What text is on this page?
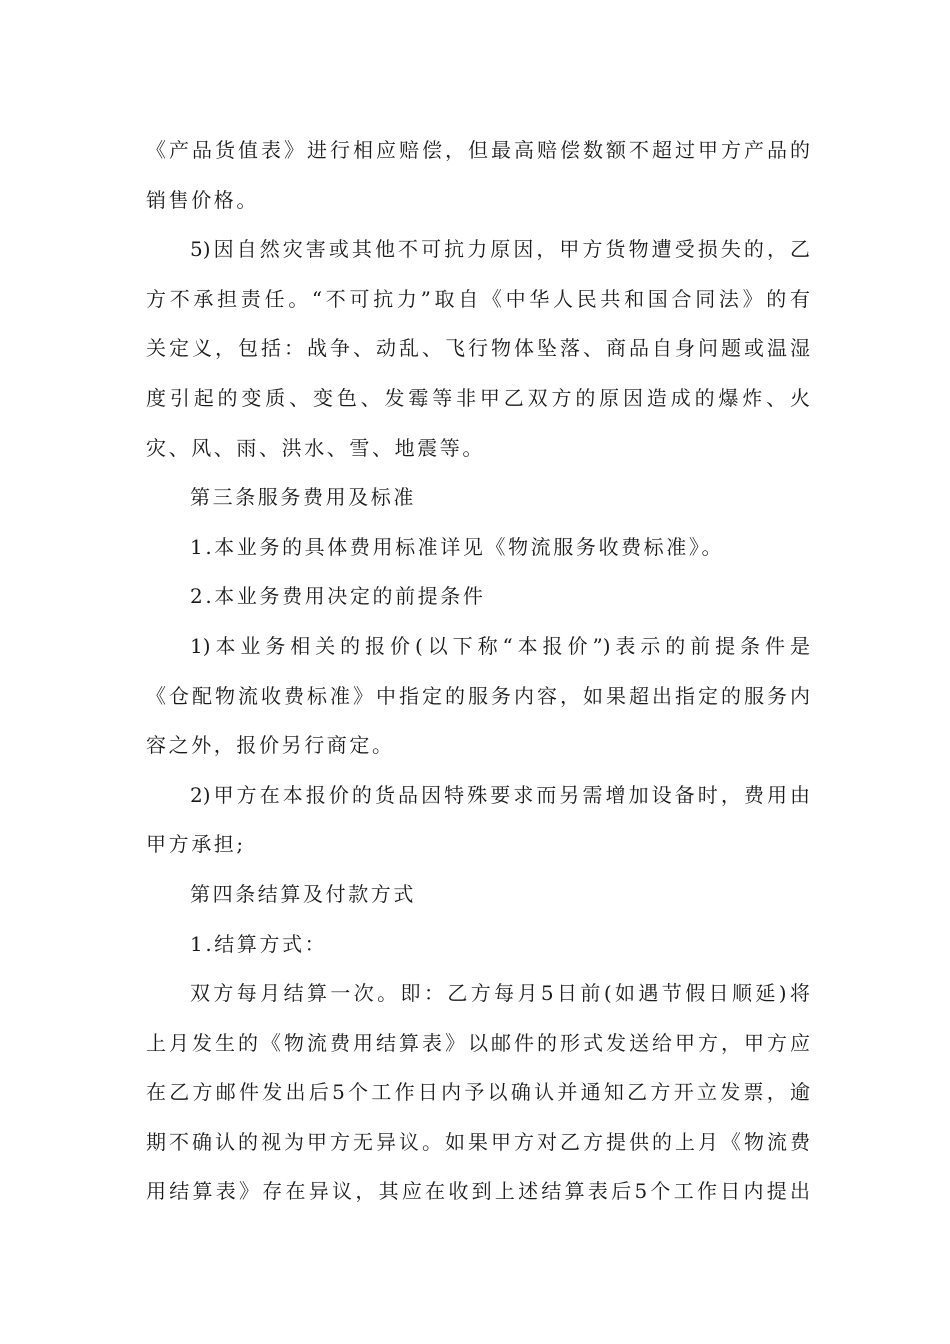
《产品货值表》进行相应赔偿，但最高赔偿数额不超过甲方产品的
销售价格。
5)因自然灾害或其他不可抗力原因，甲方货物遭受损失的，乙
方不承担责任。“不可抗力”取自《中华人民共和国合同法》的有
关定义，包括：战争、动乱、飞行物体坠落、商品自身问题或温湿
度引起的变质、变色、发霉等非甲乙双方的原因造成的爆炸、火
灾、风、雨、洪水、雪、地震等。
第三条服务费用及标准
1.本业务的具体费用标准详见《物流服务收费标准》。
2.本业务费用决定的前提条件
1)本业务相关的报价(以下称“本报价”)表示的前提条件是
《仓配物流收费标准》中指定的服务内容，如果超出指定的服务内
容之外，报价另行商定。
2)甲方在本报价的货品因特殊要求而另需增加设备时，费用由
甲方承担;
第四条结算及付款方式
1.结算方式：
双方每月结算一次。即：乙方每月5日前(如遇节假日顺延)将
上月发生的《物流费用结算表》以邮件的形式发送给甲方，甲方应
在乙方邮件发出后5个工作日内予以确认并通知乙方开立发票，逾
期不确认的视为甲方无异议。如果甲方对乙方提供的上月《物流费
用结算表》存在异议，其应在收到上述结算表后5个工作日内提出
